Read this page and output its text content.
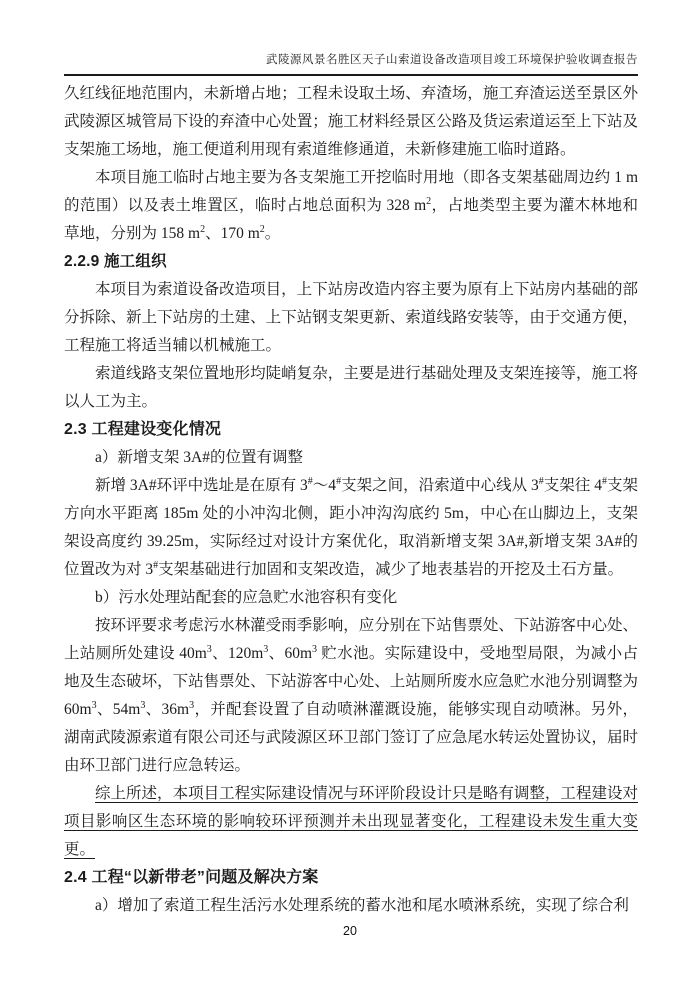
武陵源风景名胜区天子山索道设备改造项目竣工环境保护验收调查报告
久红线征地范围内，未新增占地；工程未设取土场、弃渣场，施工弃渣运送至景区外武陵源区城管局下设的弃渣中心处置；施工材料经景区公路及货运索道运至上下站及支架施工场地，施工便道利用现有索道维修通道，未新修建施工临时道路。
本项目施工临时占地主要为各支架施工开挖临时用地（即各支架基础周边约 1 m 的范围）以及表土堆置区，临时占地总面积为 328 $m^2$，占地类型主要为灌木林地和草地，分别为 158 $m^2$、170 $m^2$。
2.2.9 施工组织
本项目为索道设备改造项目，上下站房改造内容主要为原有上下站房内基础的部分拆除、新上下站房的土建、上下站钢支架更新、索道线路安装等，由于交通方便，工程施工将适当辅以机械施工。
索道线路支架位置地形均陡峭复杂，主要是进行基础处理及支架连接等，施工将以人工为主。
2.3 工程建设变化情况
a）新增支架 3A#的位置有调整
新增 3A#环评中选址是在原有 3#～4#支架之间，沿索道中心线从 3#支架往 4#支架方向水平距离 185m 处的小冲沟北侧，距小冲沟沟底约 5m，中心在山脚边上，支架架设高度约 39.25m，实际经过对设计方案优化，取消新增支架 3A#,新增支架 3A#的位置改为对 3#支架基础进行加固和支架改造，减少了地表基岩的开挖及土石方量。
b）污水处理站配套的应急贮水池容积有变化
按环评要求考虑污水林灌受雨季影响，应分别在下站售票处、下站游客中心处、上站厕所处建设 $40m^3$、$120m^3$、$60m^3$ 贮水池。实际建设中，受地型局限，为减小占地及生态破坏，下站售票处、下站游客中心处、上站厕所废水应急贮水池分别调整为$60m^3$、$54m^3$、$36m^3$，并配套设置了自动喷淋灌溉设施，能够实现自动喷淋。另外，湖南武陵源索道有限公司还与武陵源区环卫部门签订了应急尾水转运处置协议，届时由环卫部门进行应急转运。
综上所述，本项目工程实际建设情况与环评阶段设计只是略有调整，工程建设对项目影响区生态环境的影响较环评预测并未出现显著变化，工程建设未发生重大变更。
2.4 工程“以新带老”问题及解决方案
a）增加了索道工程生活污水处理系统的蓄水池和尾水喷淋系统，实现了综合利
20
